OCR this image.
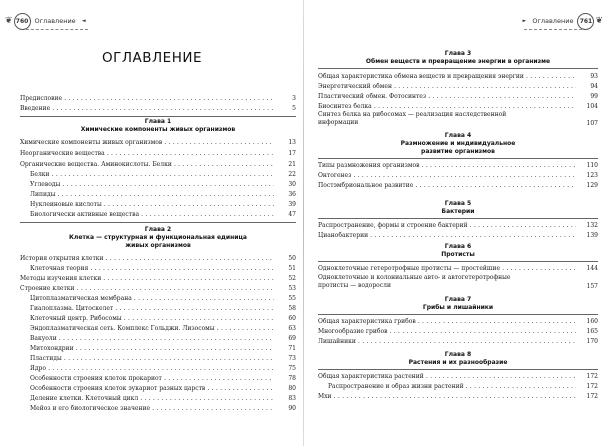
❦ 760 Оглавление ◄
ОГЛАВЛЕНИЕ
Предисловие . . .	3
Введение . . .	5
Глава 1
Химические компоненты живых организмов
Химические компоненты живых организмов . . .	13
Неорганические вещества . . .	17
Органические вещества. Аминокислоты. Белки . . .	21
Белки . . .	22
Углеводы . . .	30
Липиды . . .	36
Нуклеиновые кислоты . . .	39
Биологически активные вещества . . .	47
Глава 2
Клетка — структурная и функциональная единица
живых организмов
История открытия клетки . . .	50
Клеточная теория . . .	51
Методы изучения клетки . . .	52
Строение клетки . . .	53
Цитоплазматическая мембрана . . .	55
Гиалоплазма. Цитоскелет . . .	58
Клеточный центр. Рибосомы . . .	60
Эндоплазматическая сеть. Комплекс Гольджи. Лизосомы . . .	63
Вакуоли . . .	69
Митохондрии . . .	71
Пластиды . . .	73
Ядро . . .	75
Особенности строения клеток прокариот . . .	78
Особенности строения клеток эукариот разных царств . . .	80
Деление клетки. Клеточный цикл . . .	83
Мейоз и его биологическое значение . . .	90
► Оглавление	761 ❦
Глава 3
Обмен веществ и превращение энергии в организме
Общая характеристика обмена веществ и превращения энергии . . .	93
Энергетический обмен . . .	94
Пластический обмен. Фотосинтез . . .	99
Биосинтез белка . . .	104
Синтез белка на рибосомах — реализация наследственной
информации	107
Глава 4
Размножение и индивидуальное
развитие организмов
Типы размножения организмов . . .	110
Онтогенез . . .	123
Постэмбриональное развитие . . .	129
Глава 5
Бактерии
Распространение, формы и строение бактерий . . .	132
Цианобактерии . . .	139
Глава 6
Протисты
Одноклеточные гетеротрофные протисты — простейшие . . .	144
Одноклеточные и колониальные авто- и автогетеротрофные
протисты — водоросли	157
Глава 7
Грибы и лишайники
Общая характеристика грибов . . .	160
Многообразие грибов . . .	165
Лишайники . . .	170
Глава 8
Растения и их разнообразие
Общая характеристика растений . . .	172
Распространение и образ жизни растений . . .	172
Мхи . . .	172
